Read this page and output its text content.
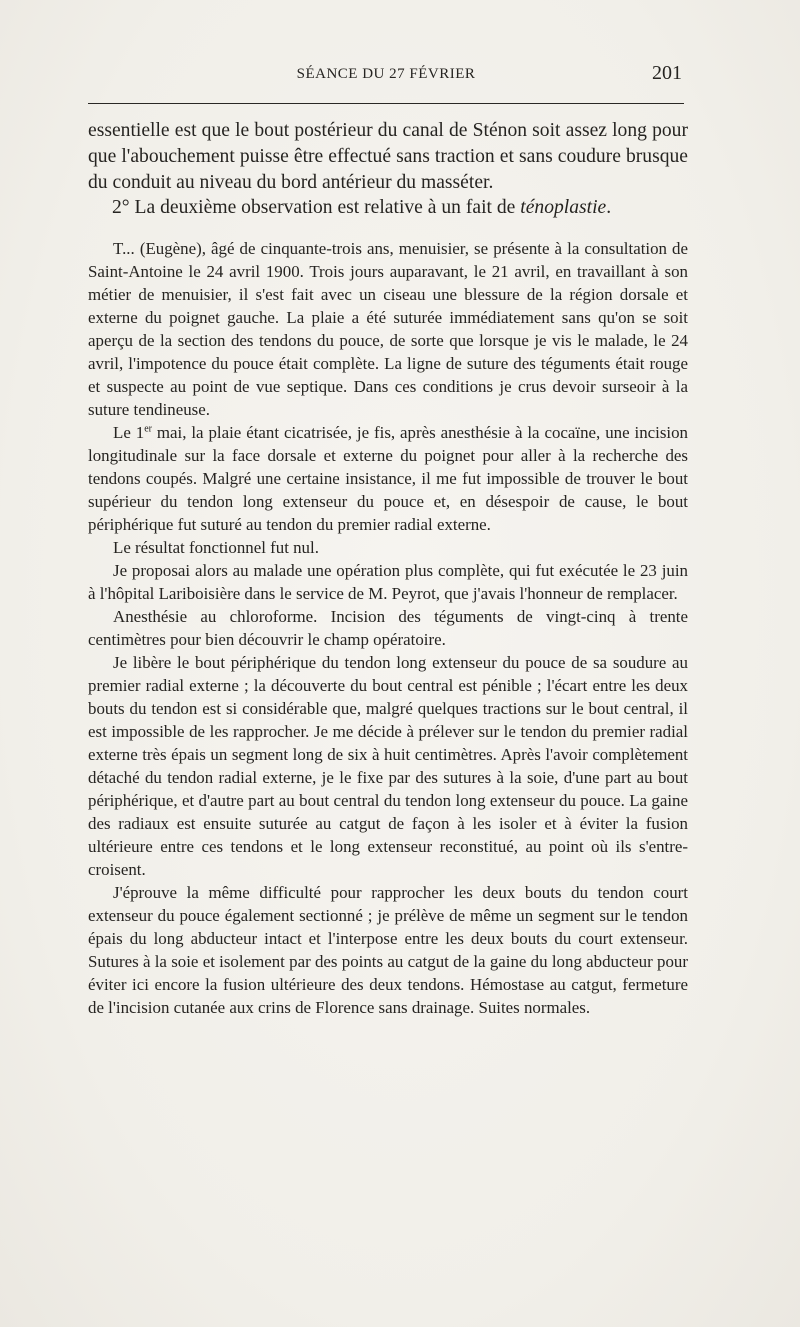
SÉANCE DU 27 FÉVRIER	201

essentielle est que le bout postérieur du canal de Sténon soit assez long pour que l'abouchement puisse être effectué sans traction et sans coudure brusque du conduit au niveau du bord antérieur du masséter.

2° La deuxième observation est relative à un fait de ténoplastie.

T... (Eugène), âgé de cinquante-trois ans, menuisier, se présente à la consultation de Saint-Antoine le 24 avril 1900. Trois jours auparavant, le 21 avril, en travaillant à son métier de menuisier, il s'est fait avec un ciseau une blessure de la région dorsale et externe du poignet gauche. La plaie a été suturée immédiatement sans qu'on se soit aperçu de la section des tendons du pouce, de sorte que lorsque je vis le malade, le 24 avril, l'impotence du pouce était complète. La ligne de suture des téguments était rouge et suspecte au point de vue septique. Dans ces conditions je crus devoir surseoir à la suture tendineuse.

Le 1er mai, la plaie étant cicatrisée, je fis, après anesthésie à la cocaïne, une incision longitudinale sur la face dorsale et externe du poignet pour aller à la recherche des tendons coupés. Malgré une certaine insistance, il me fut impossible de trouver le bout supérieur du tendon long extenseur du pouce et, en désespoir de cause, le bout périphérique fut suturé au tendon du premier radial externe.

Le résultat fonctionnel fut nul.

Je proposai alors au malade une opération plus complète, qui fut exécutée le 23 juin à l'hôpital Lariboisière dans le service de M. Peyrot, que j'avais l'honneur de remplacer.

Anesthésie au chloroforme. Incision des téguments de vingt-cinq à trente centimètres pour bien découvrir le champ opératoire.

Je libère le bout périphérique du tendon long extenseur du pouce de sa soudure au premier radial externe ; la découverte du bout central est pénible ; l'écart entre les deux bouts du tendon est si considérable que, malgré quelques tractions sur le bout central, il est impossible de les rapprocher. Je me décide à prélever sur le tendon du premier radial externe très épais un segment long de six à huit centimètres. Après l'avoir complètement détaché du tendon radial externe, je le fixe par des sutures à la soie, d'une part au bout périphérique, et d'autre part au bout central du tendon long extenseur du pouce. La gaine des radiaux est ensuite suturée au catgut de façon à les isoler et à éviter la fusion ultérieure entre ces tendons et le long extenseur reconstitué, au point où ils s'entre-croisent.

J'éprouve la même difficulté pour rapprocher les deux bouts du tendon court extenseur du pouce également sectionné ; je prélève de même un segment sur le tendon épais du long abducteur intact et l'interpose entre les deux bouts du court extenseur. Sutures à la soie et isolement par des points au catgut de la gaine du long abducteur pour éviter ici encore la fusion ultérieure des deux tendons. Hémostase au catgut, fermeture de l'incision cutanée aux crins de Florence sans drainage. Suites normales.
